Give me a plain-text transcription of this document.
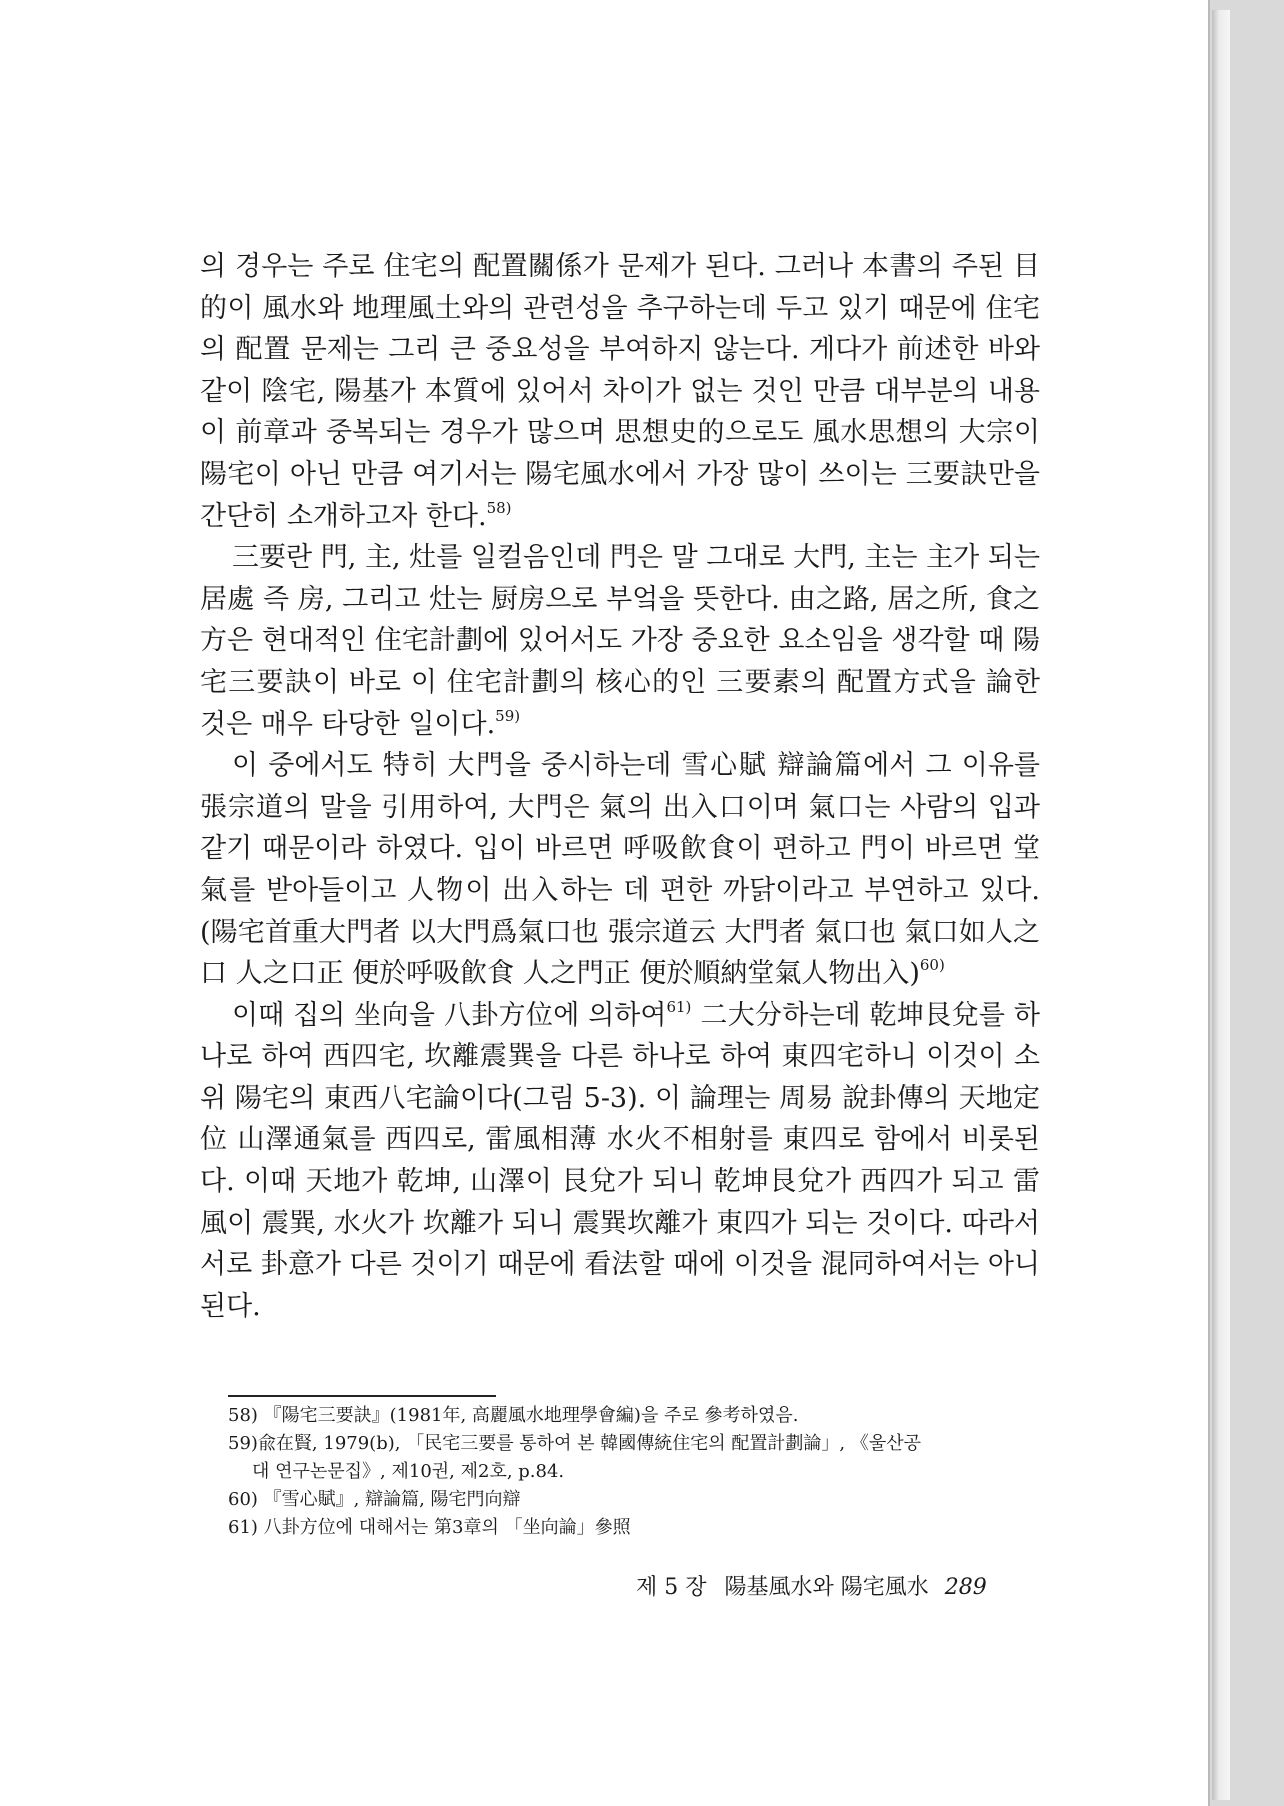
의 경우는 주로 住宅의 配置關係가 문제가 된다. 그러나 本書의 주된 目的이 風水와 地理風土와의 관련성을 추구하는데 두고 있기 때문에 住宅의 配置 문제는 그리 큰 중요성을 부여하지 않는다. 게다가 前述한 바와 같이 陰宅, 陽基가 本質에 있어서 차이가 없는 것인 만큼 대부분의 내용이 前章과 중복되는 경우가 많으며 思想史的으로도 風水思想의 大宗이 陽宅이 아닌 만큼 여기서는 陽宅風水에서 가장 많이 쓰이는 三要訣만을 간단히 소개하고자 한다.$^{58)}$

三要란 門, 主, 灶를 일컬음인데 門은 말 그대로 大門, 主는 主가 되는 居處 즉 房, 그리고 灶는 厨房으로 부엌을 뜻한다. 由之路, 居之所, 食之方은 현대적인 住宅計劃에 있어서도 가장 중요한 요소임을 생각할 때 陽宅三要訣이 바로 이 住宅計劃의 核心的인 三要素의 配置方式을 論한 것은 매우 타당한 일이다.$^{59)}$

이 중에서도 特히 大門을 중시하는데 雪心賦 辯論篇에서 그 이유를 張宗道의 말을 引用하여, 大門은 氣의 出入口이며 氣口는 사람의 입과 같기 때문이라 하였다. 입이 바르면 呼吸飮食이 편하고 門이 바르면 堂氣를 받아들이고 人物이 出入하는 데 편한 까닭이라고 부연하고 있다. (陽宅首重大門者 以大門爲氣口也 張宗道云 大門者 氣口也 氣口如人之口 人之口正 便於呼吸飮食 人之門正 便於順納堂氣人物出入)$^{60)}$

이때 집의 坐向을 八卦方位에 의하여$^{61)}$ 二大分하는데 乾坤艮兌를 하나로 하여 西四宅, 坎離震巽을 다른 하나로 하여 東四宅하니 이것이 소위 陽宅의 東西八宅論이다(그림 5-3). 이 論理는 周易 說卦傳의 天地定位 山澤通氣를 西四로, 雷風相薄 水火不相射를 東四로 함에서 비롯된다. 이때 天地가 乾坤, 山澤이 艮兌가 되니 乾坤艮兌가 西四가 되고 雷風이 震巽, 水火가 坎離가 되니 震巽坎離가 東四가 되는 것이다. 따라서 서로 卦意가 다른 것이기 때문에 看法할 때에 이것을 混同하여서는 아니된다.

58) 『陽宅三要訣』(1981年, 高麗風水地理學會編)을 주로 參考하였음.

59)兪在賢, 1979(b), 「民宅三要를 통하여 본 韓國傳統住宅의 配置計劃論」, 《울산공

대 연구논문집》, 제10권, 제2호, p.84.

60) 『雪心賦』, 辯論篇, 陽宅門向辯

61) 八卦方位에 대해서는 第3章의 「坐向論」參照

제 5 장 陽基風水와 陽宅風水 289
